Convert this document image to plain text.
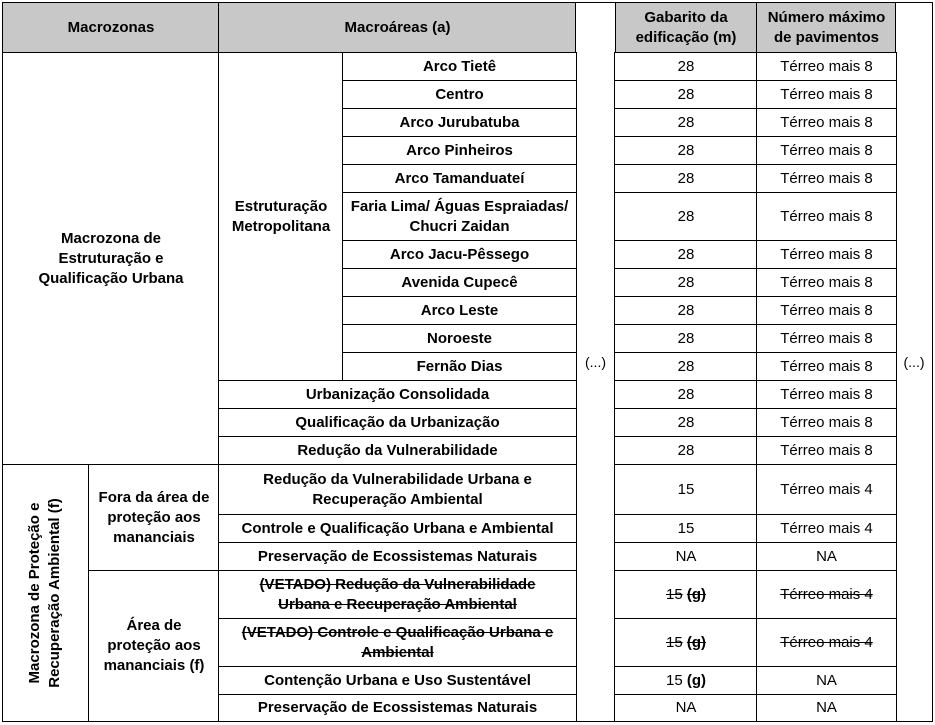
Macrozonas	Macroáreas (a)
Gabarito da edificação (m)
Número máximo de pavimentos
(...)	(...)
Macrozona de Estruturação e Qualificação Urbana
Estruturação Metropolitana
Macrozona de Proteção e Recuperação Ambiental (f)
Fora da área de proteção aos mananciais
Área de proteção aos mananciais (f)
Arco Tietê
Centro
Arco Jurubatuba
Arco Pinheiros
Arco Tamanduateí
Faria Lima/ Águas Espraiadas/ Chucri Zaidan
Arco Jacu-Pêssego
Avenida Cupecê
Arco Leste
Noroeste
Fernão Dias
Urbanização Consolidada
Qualificação da Urbanização
Redução da Vulnerabilidade
Redução da Vulnerabilidade Urbana e Recuperação Ambiental
Controle e Qualificação Urbana e Ambiental
Preservação de Ecossistemas Naturais
(VETADO) Redução da Vulnerabilidade Urbana e Recuperação Ambiental
(VETADO) Controle e Qualificação Urbana e Ambiental
Contenção Urbana e Uso Sustentável
Preservação de Ecossistemas Naturais
28
28
28
28
28
28
28
28
28
28
28
28
28
28
15
15
NA
15
(g)
15
(g)
15
(g)
NA
Térreo mais 8
Térreo mais 8
Térreo mais 8
Térreo mais 8
Térreo mais 8
Térreo mais 8
Térreo mais 8
Térreo mais 8
Térreo mais 8
Térreo mais 8
Térreo mais 8
Térreo mais 8
Térreo mais 8
Térreo mais 8
Térreo mais 4
Térreo mais 4
NA
Térreo mais 4
Térreo mais 4
NA
NA
